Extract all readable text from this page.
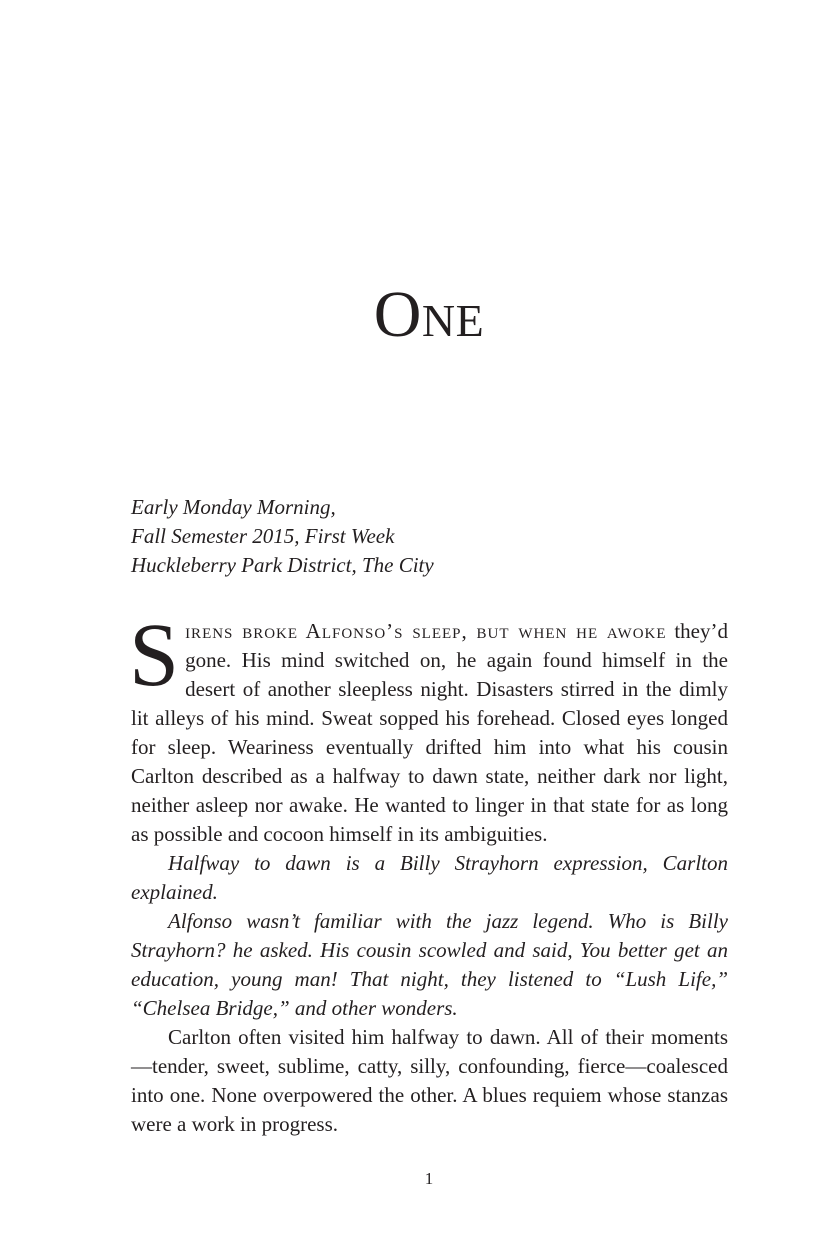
One
Early Monday Morning,
Fall Semester 2015, First Week
Huckleberry Park District, The City

Sirens broke Alfonso’s sleep, but when he awoke they’d gone. His mind switched on, he again found himself in the desert of another sleepless night. Disasters stirred in the dimly lit alleys of his mind. Sweat sopped his forehead. Closed eyes longed for sleep. Weariness eventually drifted him into what his cousin Carlton described as a halfway to dawn state, neither dark nor light, neither asleep nor awake. He wanted to linger in that state for as long as possible and cocoon himself in its ambiguities.

Halfway to dawn is a Billy Strayhorn expression, Carlton explained.

Alfonso wasn’t familiar with the jazz legend. Who is Billy Strayhorn? he asked. His cousin scowled and said, You better get an education, young man! That night, they listened to “Lush Life,” “Chelsea Bridge,” and other wonders.

Carlton often visited him halfway to dawn. All of their moments—tender, sweet, sublime, catty, silly, confounding, fierce—coalesced into one. None overpowered the other. A blues requiem whose stanzas were a work in progress.

1
